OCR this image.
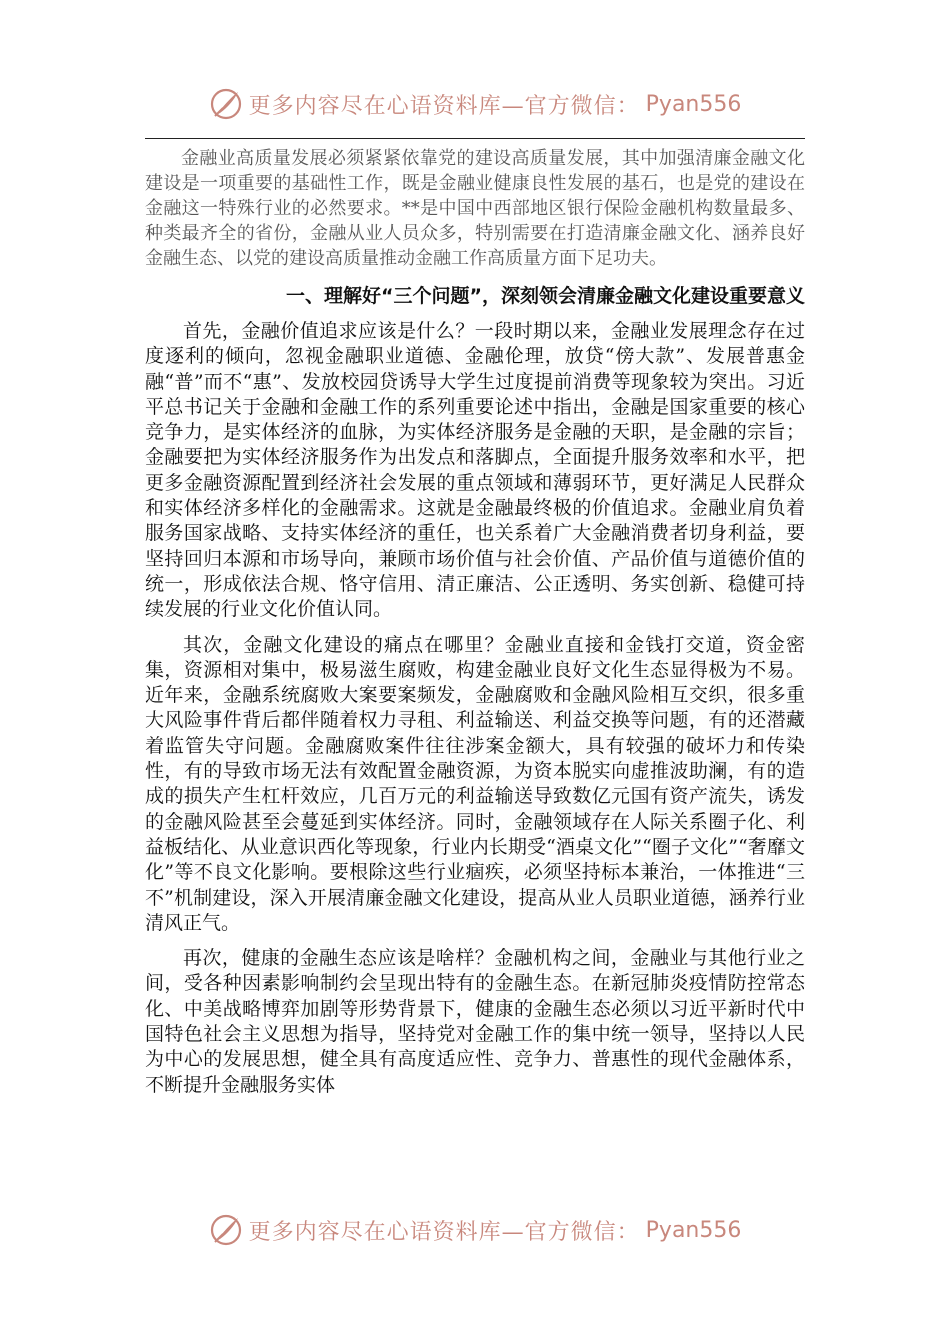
更多内容尽在心语资料库—官方微信： Pyan556

金融业高质量发展必须紧紧依靠党的建设高质量发展，其中加强清廉金融文化建设是一项重要的基础性工作，既是金融业健康良性发展的基石，也是党的建设在金融这一特殊行业的必然要求。**是中国中西部地区银行保险金融机构数量最多、种类最齐全的省份，金融从业人员众多，特别需要在打造清廉金融文化、涵养良好金融生态、以党的建设高质量推动金融工作高质量方面下足功夫。

一、理解好“三个问题”，深刻领会清廉金融文化建设重要意义

首先，金融价值追求应该是什么？一段时期以来，金融业发展理念存在过度逐利的倾向，忽视金融职业道德、金融伦理，放贷“傍大款”、发展普惠金融“普”而不“惠”、发放校园贷诱导大学生过度提前消费等现象较为突出。习近平总书记关于金融和金融工作的系列重要论述中指出，金融是国家重要的核心竞争力，是实体经济的血脉，为实体经济服务是金融的天职，是金融的宗旨；金融要把为实体经济服务作为出发点和落脚点，全面提升服务效率和水平，把更多金融资源配置到经济社会发展的重点领域和薄弱环节，更好满足人民群众和实体经济多样化的金融需求。这就是金融最终极的价值追求。金融业肩负着服务国家战略、支持实体经济的重任，也关系着广大金融消费者切身利益，要坚持回归本源和市场导向，兼顾市场价值与社会价值、产品价值与道德价值的统一，形成依法合规、恪守信用、清正廉洁、公正透明、务实创新、稳健可持续发展的行业文化价值认同。

其次，金融文化建设的痛点在哪里？金融业直接和金钱打交道，资金密集，资源相对集中，极易滋生腐败，构建金融业良好文化生态显得极为不易。近年来，金融系统腐败大案要案频发，金融腐败和金融风险相互交织，很多重大风险事件背后都伴随着权力寻租、利益输送、利益交换等问题，有的还潜藏着监管失守问题。金融腐败案件往往涉案金额大，具有较强的破坏力和传染性，有的导致市场无法有效配置金融资源，为资本脱实向虚推波助澜，有的造成的损失产生杠杆效应，几百万元的利益输送导致数亿元国有资产流失，诱发的金融风险甚至会蔓延到实体经济。同时，金融领域存在人际关系圈子化、利益板结化、从业意识西化等现象，行业内长期受“酒桌文化”“圈子文化”“奢靡文化”等不良文化影响。要根除这些行业痼疾，必须坚持标本兼治，一体推进“三不”机制建设，深入开展清廉金融文化建设，提高从业人员职业道德，涵养行业清风正气。

再次，健康的金融生态应该是啥样？金融机构之间，金融业与其他行业之间，受各种因素影响制约会呈现出特有的金融生态。在新冠肺炎疫情防控常态化、中美战略博弈加剧等形势背景下，健康的金融生态必须以习近平新时代中国特色社会主义思想为指导，坚持党对金融工作的集中统一领导，坚持以人民为中心的发展思想，健全具有高度适应性、竞争力、普惠性的现代金融体系，不断提升金融服务实体

更多内容尽在心语资料库—官方微信： Pyan556
